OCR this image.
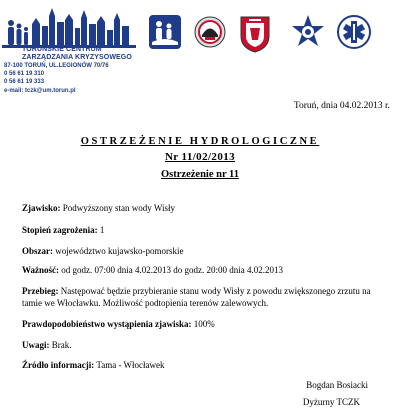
TORUŃSKIE CENTRUM
ZARZĄDZANIA KRYZYSOWEGO
87-100 TORUŃ, UL.LEGIONÓW 70/76
0 56 61 19 310
0 56 61 19 333
e-mail: tczk@um.torun.pl
Toruń, dnia 04.02.2013 r.
OSTRZEŻENIE HYDROLOGICZNE
Nr 11/02/2013
Ostrzeżenie nr 11
Zjawisko: Podwyższony stan wody Wisły
Stopień zagrożenia: 1
Obszar: województwo kujawsko-pomorskie
Ważność: od godz. 07:00 dnia 4.02.2013 do godz. 20:00 dnia 4.02.2013
Przebieg: Następować będzie przybieranie stanu wody Wisły z powodu zwiększonego zrzutu na tamie we Włocławku. Możliwość podtopienia terenów zalewowych.
Prawdopodobieństwo wystąpienia zjawiska: 100%
Uwagi: Brak.
Źródło informacji: Tama - Włocławek
Bogdan Bosiacki
Dyżurny TCZK
